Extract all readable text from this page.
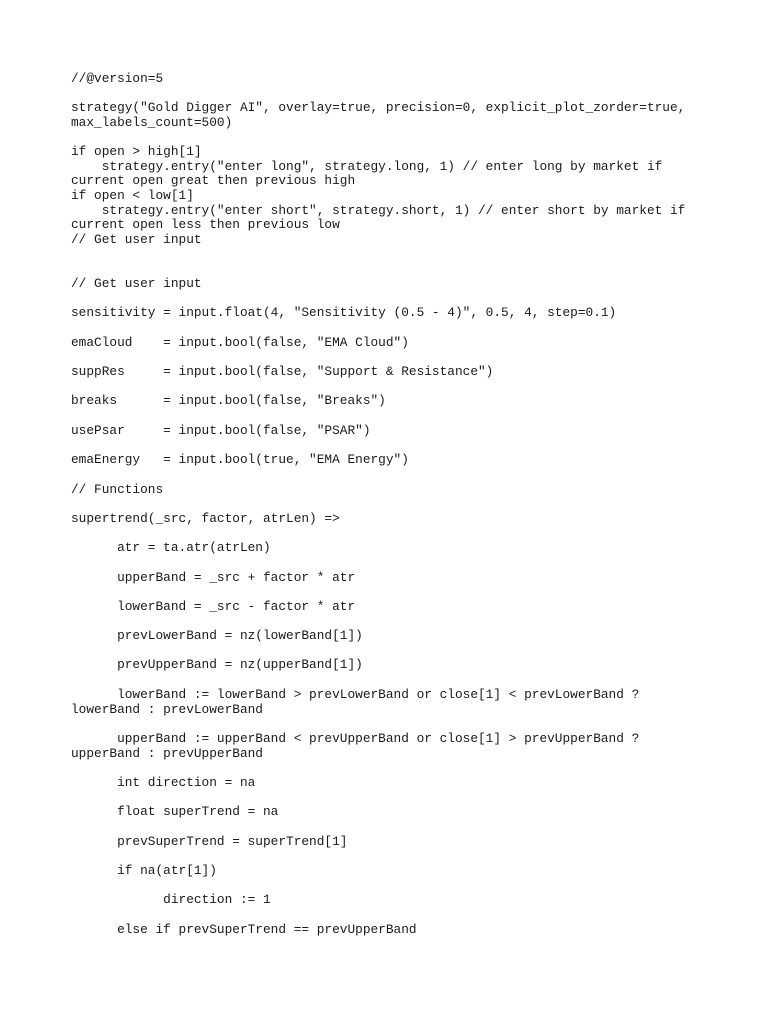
//@version=5

strategy("Gold Digger AI", overlay=true, precision=0, explicit_plot_zorder=true,

max_labels_count=500)

if open > high[1]

strategy.entry("enter long", strategy.long, 1) // enter long by market if

current open great then previous high

if open < low[1]

strategy.entry("enter short", strategy.short, 1) // enter short by market if

current open less then previous low

// Get user input

// Get user input

sensitivity = input.float(4, "Sensitivity (0.5 - 4)", 0.5, 4, step=0.1)

emaCloud    = input.bool(false, "EMA Cloud")

suppRes     = input.bool(false, "Support & Resistance")

breaks      = input.bool(false, "Breaks")

usePsar     = input.bool(false, "PSAR")

emaEnergy   = input.bool(true, "EMA Energy")

// Functions

supertrend(_src, factor, atrLen) =>

atr = ta.atr(atrLen)

upperBand = _src + factor * atr

lowerBand = _src - factor * atr

prevLowerBand = nz(lowerBand[1])

prevUpperBand = nz(upperBand[1])

lowerBand := lowerBand > prevLowerBand or close[1] < prevLowerBand ?

lowerBand : prevLowerBand

upperBand := upperBand < prevUpperBand or close[1] > prevUpperBand ?

upperBand : prevUpperBand

int direction = na

float superTrend = na

prevSuperTrend = superTrend[1]

if na(atr[1])

direction := 1

else if prevSuperTrend == prevUpperBand
